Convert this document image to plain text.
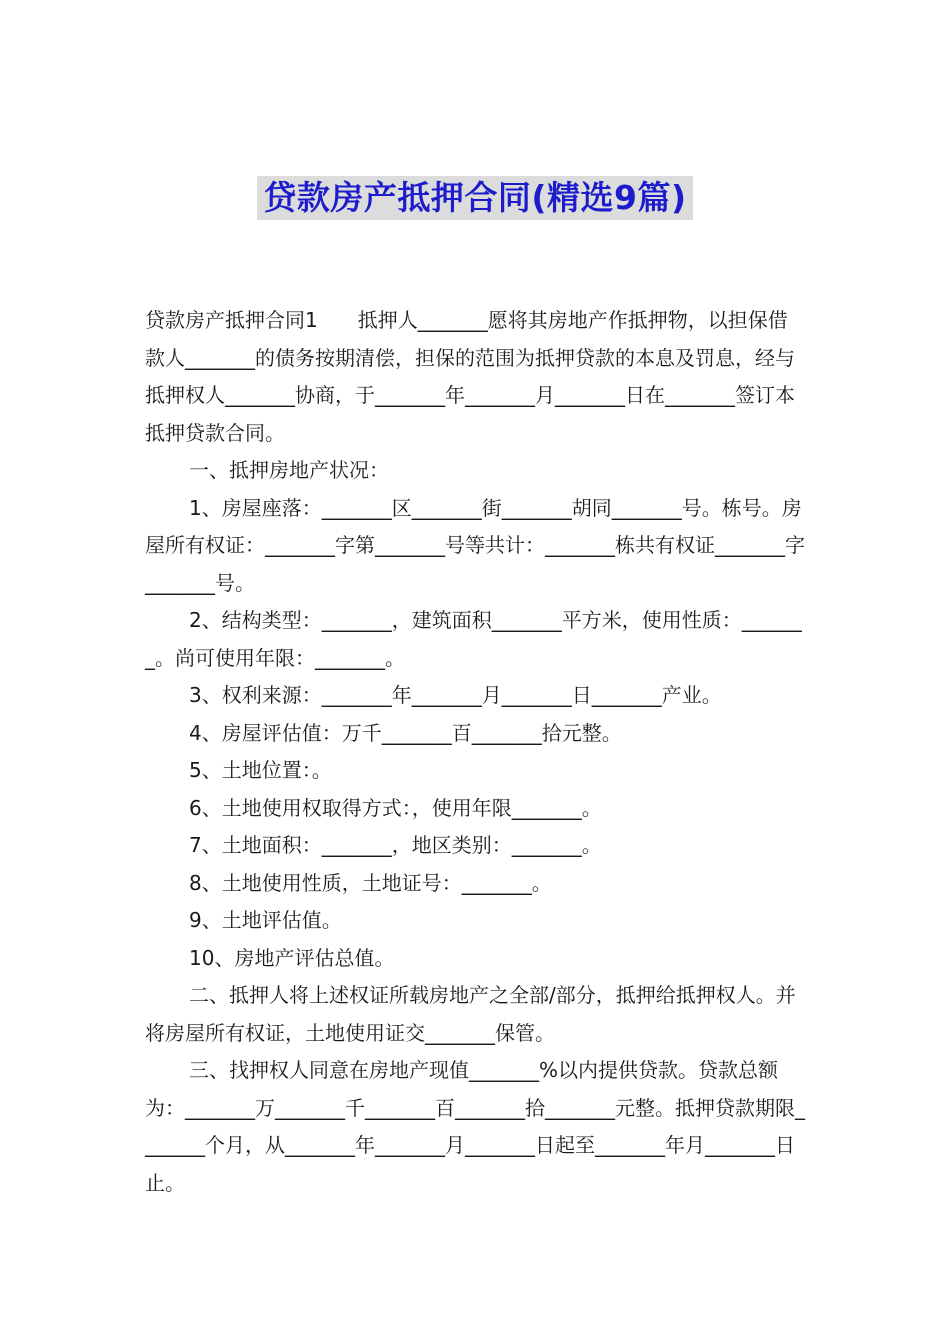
贷款房产抵押合同(精选9篇)

贷款房产抵押合同1　　抵押人_______愿将其房地产作抵押物，以担保借款人_______的债务按期清偿，担保的范围为抵押贷款的本息及罚息，经与抵押权人_______协商，于_______年_______月_______日在_______签订本抵押贷款合同。

一、抵押房地产状况：

1、房屋座落：_______区_______街_______胡同_______号。栋号。房屋所有权证：_______字第_______号等共计：_______栋共有权证_______字_______号。

2、结构类型：_______，建筑面积_______平方米，使用性质：_______。尚可使用年限：_______。

3、权利来源：_______年_______月_______日_______产业。

4、房屋评估值：万千_______百_______拾元整。

5、土地位置：。

6、土地使用权取得方式：，使用年限_______。

7、土地面积：_______，地区类别：_______。

8、土地使用性质，土地证号：_______。

9、土地评估值。

10、房地产评估总值。

二、抵押人将上述权证所载房地产之全部/部分，抵押给抵押权人。并将房屋所有权证，土地使用证交_______保管。

三、找押权人同意在房地产现值_______%以内提供贷款。贷款总额为：_______万_______千_______百_______拾_______元整。抵押贷款期限_______个月，从_______年_______月_______日起至_______年月_______日止。
